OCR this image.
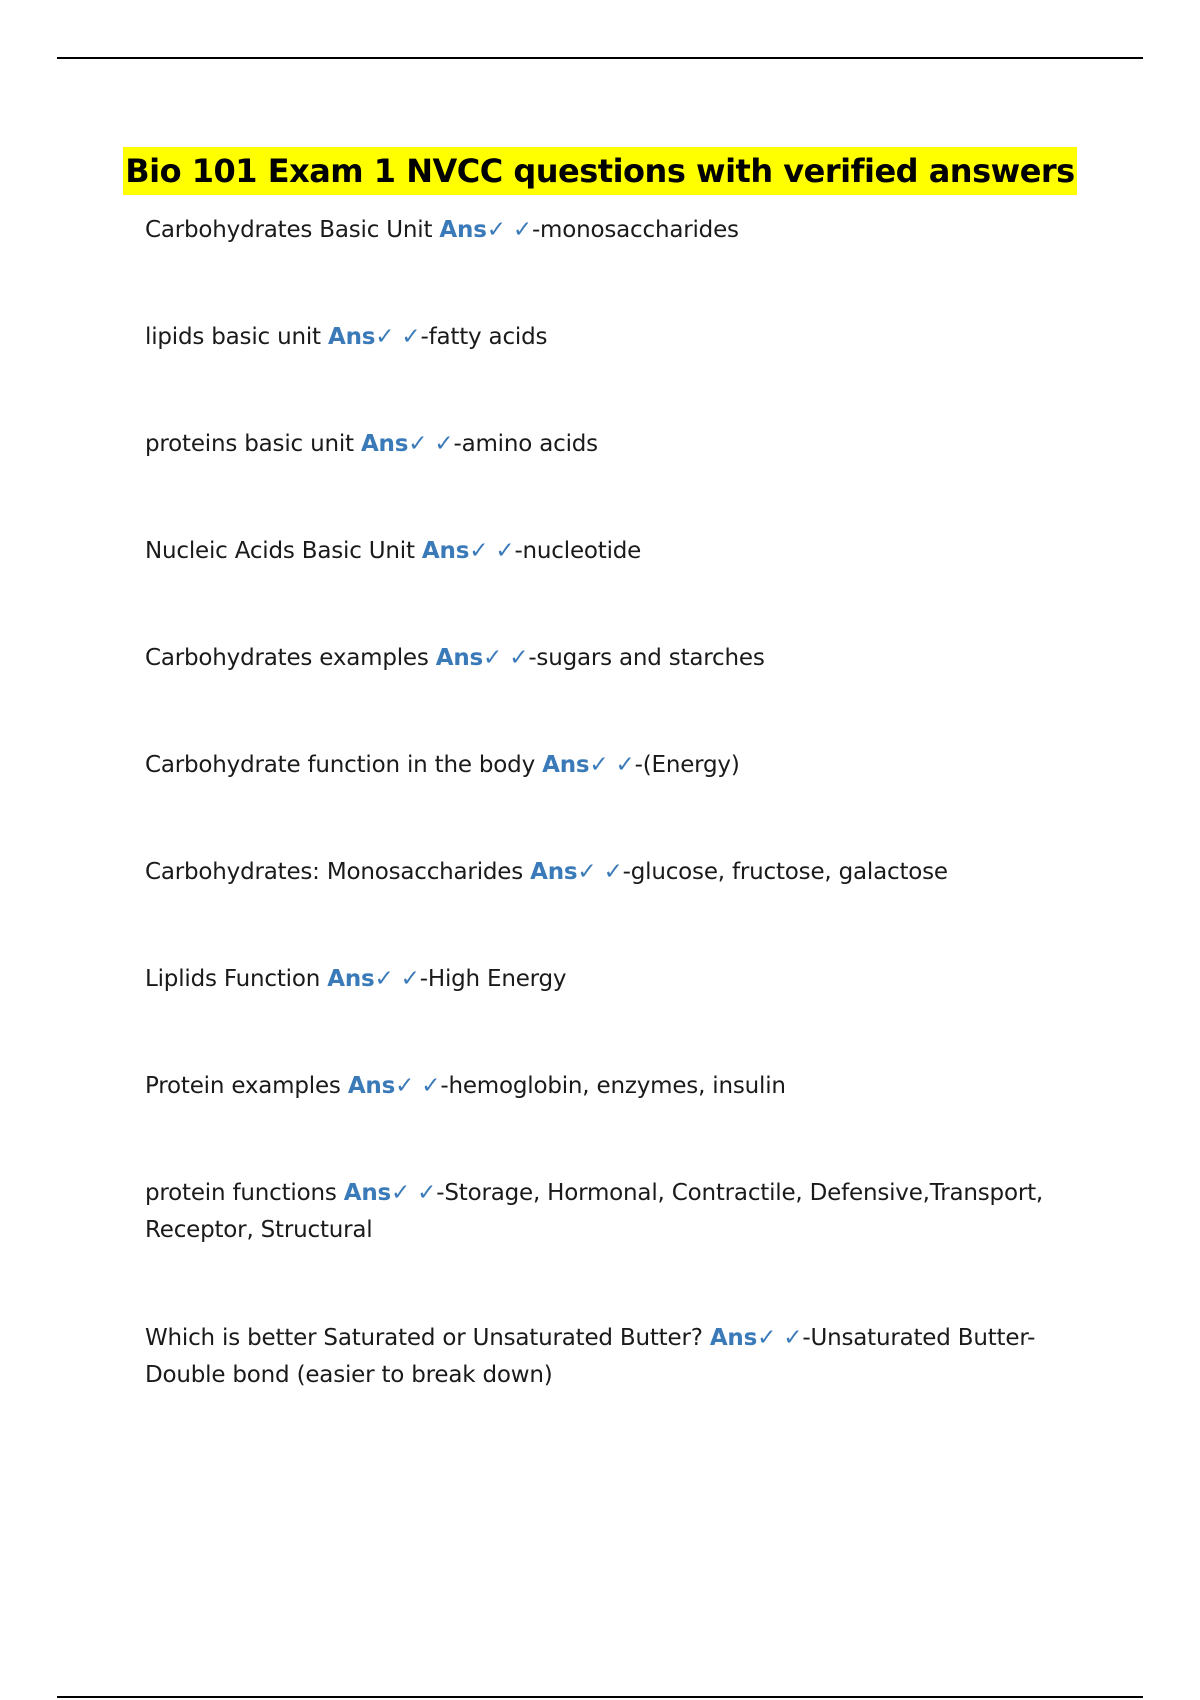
Bio 101 Exam 1 NVCC questions with verified answers
Carbohydrates Basic Unit Ans✓ ✓-monosaccharides
lipids basic unit Ans✓ ✓-fatty acids
proteins basic unit Ans✓ ✓-amino acids
Nucleic Acids Basic Unit Ans✓ ✓-nucleotide
Carbohydrates examples Ans✓ ✓-sugars and starches
Carbohydrate function in the body Ans✓ ✓-(Energy)
Carbohydrates: Monosaccharides Ans✓ ✓-glucose, fructose, galactose
Liplids Function Ans✓ ✓-High Energy
Protein examples Ans✓ ✓-hemoglobin, enzymes, insulin
protein functions Ans✓ ✓-Storage, Hormonal, Contractile, Defensive,Transport, Receptor, Structural
Which is better Saturated or Unsaturated Butter? Ans✓ ✓-Unsaturated Butter-Double bond (easier to break down)
